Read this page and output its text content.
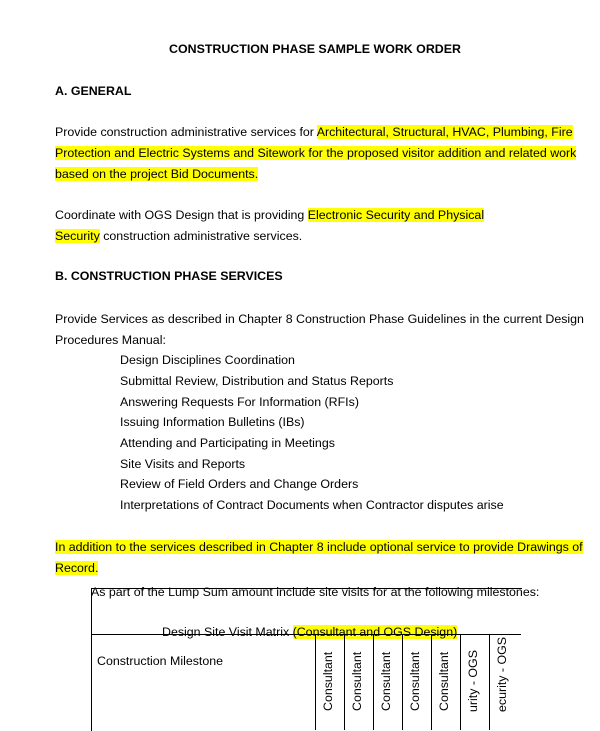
CONSTRUCTION PHASE SAMPLE WORK ORDER
A. GENERAL
Provide construction administrative services for Architectural, Structural, HVAC, Plumbing, Fire
Protection and Electric Systems and Sitework for the proposed visitor addition and related work
based on the project Bid Documents.
Coordinate with OGS Design that is providing Electronic Security and Physical
Security construction administrative services.
B. CONSTRUCTION PHASE SERVICES
Provide Services as described in Chapter 8 Construction Phase Guidelines in the current Design
Procedures Manual:
Design Disciplines Coordination
Submittal Review, Distribution and Status Reports
Answering Requests For Information (RFIs)
Issuing Information Bulletins (IBs)
Attending and Participating in Meetings
Site Visits and Reports
Review of Field Orders and Change Orders
Interpretations of Contract Documents when Contractor disputes arise
In addition to the services described in Chapter 8 include optional service to provide Drawings of
Record.
As part of the Lump Sum amount include site visits for at the following milestones:
Design Site Visit Matrix (Consultant and OGS Design)
Construction Milestone	Consultant Consultant Consultant Consultant Consultant urity - OGS ecurity - OGS
